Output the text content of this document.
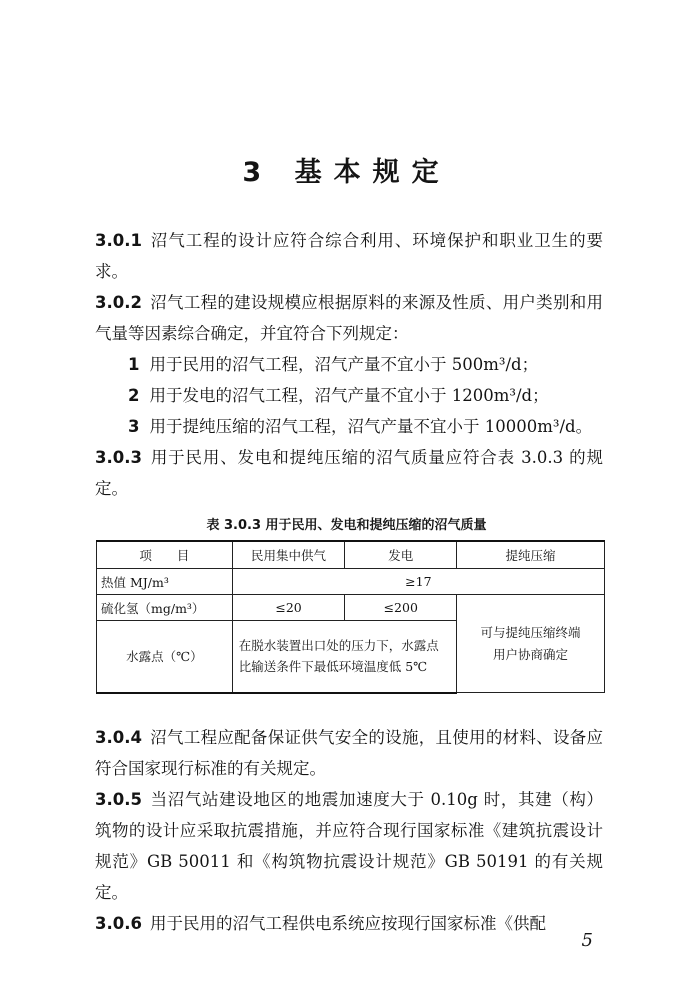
3 基本规定

3.0.1 沼气工程的设计应符合综合利用、环境保护和职业卫生的要求。

3.0.2 沼气工程的建设规模应根据原料的来源及性质、用户类别和用气量等因素综合确定，并宜符合下列规定：

1 用于民用的沼气工程，沼气产量不宜小于 500m³/d；

2 用于发电的沼气工程，沼气产量不宜小于 1200m³/d；

3 用于提纯压缩的沼气工程，沼气产量不宜小于 10000m³/d。

3.0.3 用于民用、发电和提纯压缩的沼气质量应符合表 3.0.3 的规定。

表 3.0.3 用于民用、发电和提纯压缩的沼气质量
项　　目	民用集中供气	发电	提纯压缩
热值 MJ/m³	≥17		
硫化氢（mg/m³）	≤20	≤200	可与提纯压缩终端用户协商确定

水露点（℃）	在脱水装置出口处的压力下，水露点比输送条件下最低环境温度低 5℃		

3.0.4 沼气工程应配备保证供气安全的设施，且使用的材料、设备应符合国家现行标准的有关规定。

3.0.5 当沼气站建设地区的地震加速度大于 0.10g 时，其建（构）筑物的设计应采取抗震措施，并应符合现行国家标准《建筑抗震设计规范》GB 50011 和《构筑物抗震设计规范》GB 50191 的有关规定。

3.0.6 用于民用的沼气工程供电系统应按现行国家标准《供配

5
